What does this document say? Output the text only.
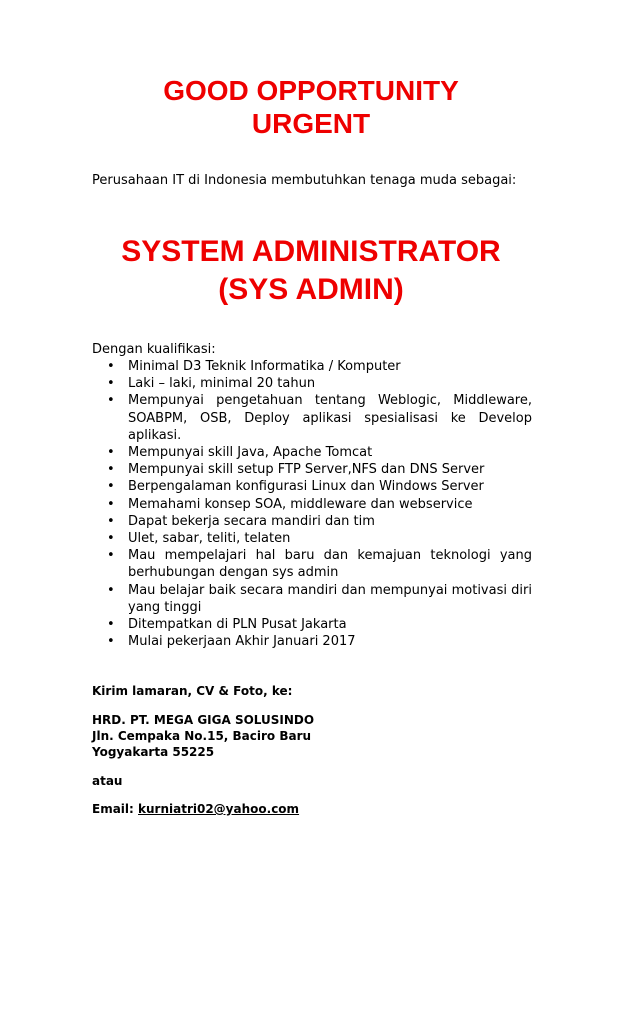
GOOD OPPORTUNITY
URGENT
Perusahaan IT di Indonesia membutuhkan tenaga muda sebagai:
SYSTEM ADMINISTRATOR
(SYS ADMIN)
Dengan kualifikasi:
• Minimal D3 Teknik Informatika / Komputer
• Laki – laki, minimal 20 tahun
• Mempunyai pengetahuan tentang Weblogic, Middleware, SOABPM, OSB, Deploy aplikasi spesialisasi ke Develop aplikasi.
• Mempunyai skill Java, Apache Tomcat
• Mempunyai skill setup FTP Server,NFS dan DNS Server
• Berpengalaman konfigurasi Linux dan Windows Server
• Memahami konsep SOA, middleware dan webservice
• Dapat bekerja secara mandiri dan tim
• Ulet, sabar, teliti, telaten
• Mau mempelajari hal baru dan kemajuan teknologi yang berhubungan dengan sys admin
• Mau belajar baik secara mandiri dan mempunyai motivasi diri yang tinggi
• Ditempatkan di PLN Pusat Jakarta
• Mulai pekerjaan Akhir Januari 2017
Kirim lamaran, CV & Foto, ke:
HRD. PT. MEGA GIGA SOLUSINDO
Jln. Cempaka No.15, Baciro Baru
Yogyakarta 55225
atau
Email: kurniatri02@yahoo.com
